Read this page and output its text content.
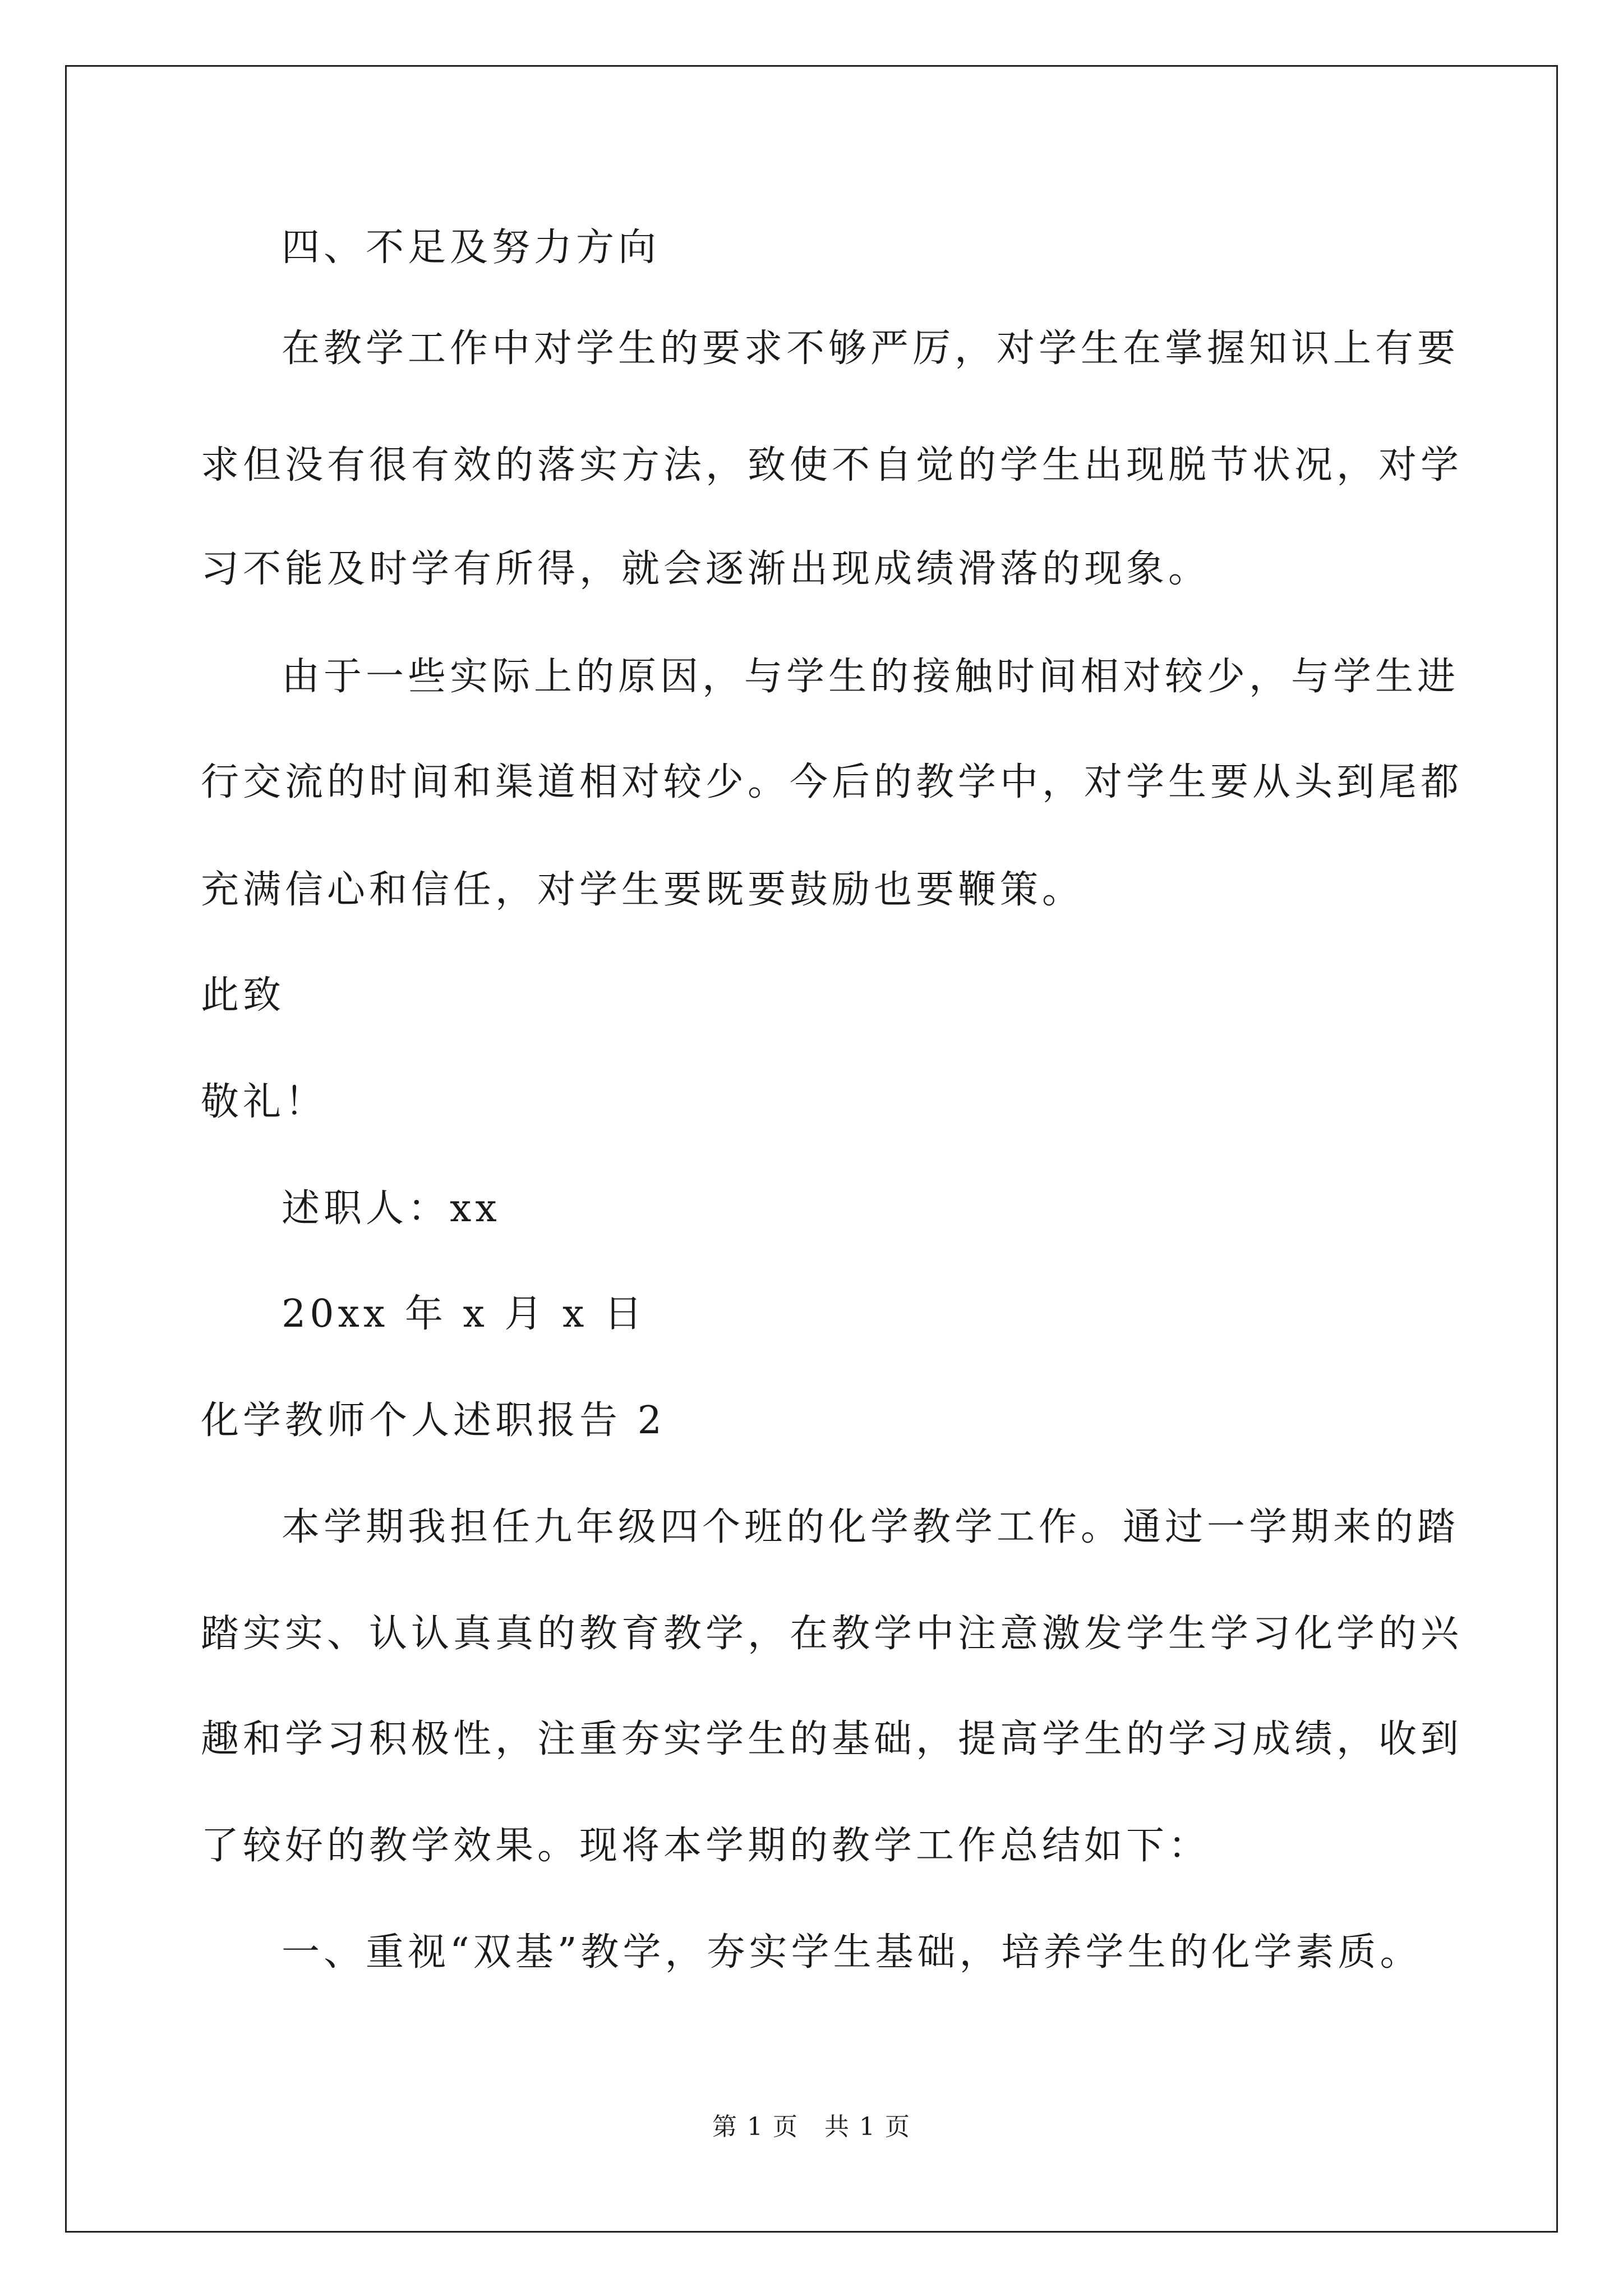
四、不足及努力方向
在教学工作中对学生的要求不够严厉，对学生在掌握知识上有要
求但没有很有效的落实方法，致使不自觉的学生出现脱节状况，对学
习不能及时学有所得，就会逐渐出现成绩滑落的现象。
由于一些实际上的原因，与学生的接触时间相对较少，与学生进
行交流的时间和渠道相对较少。今后的教学中，对学生要从头到尾都
充满信心和信任，对学生要既要鼓励也要鞭策。
此致
敬礼！
述职人：xx
20xx 年 x 月 x 日
化学教师个人述职报告 2
本学期我担任九年级四个班的化学教学工作。通过一学期来的踏
踏实实、认认真真的教育教学，在教学中注意激发学生学习化学的兴
趣和学习积极性，注重夯实学生的基础，提高学生的学习成绩，收到
了较好的教学效果。现将本学期的教学工作总结如下：
一、重视“双基”教学，夯实学生基础，培养学生的化学素质。
第 1 页　共 1 页
